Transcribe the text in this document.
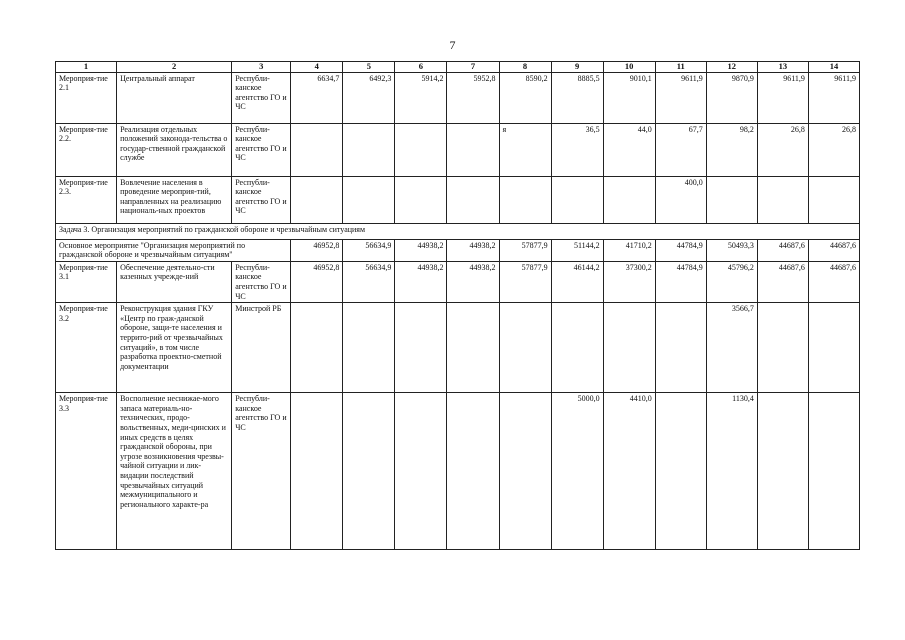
7
1	2	3	4	5	6	7	8	9	10	11	12	13	14
Мероприя-тие 2.1	Центральный аппарат	Республи-канское агентство ГО и ЧС	6634,7	6492,3	5914,2	5952,8	8590,2	8885,5	9010,1	9611,9	9870,9	9611,9	9611,9
Мероприя-тие 2.2.	Реализация отдельных положений законода-тельства о государ-ственной гражданской службе	Республи-канское агентство ГО и ЧС					я	36,5	44,0	67,7	98,2	26,8	26,8
Мероприя-тие 2.3.	Вовлечение населения в проведение мероприя-тий, направленных на реализацию националь-ных проектов	Республи-канское агентство ГО и ЧС								400,0			
Задача 3. Организация мероприятий по гражданской обороне и чрезвычайным ситуациям													
Основное мероприятие "Организация мероприятий по гражданской обороне и чрезвычайным ситуациям"			46952,8	56634,9	44938,2	44938,2	57877,9	51144,2	41710,2	44784,9	50493,3	44687,6	44687,6
Мероприя-тие 3.1	Обеспечение деятельно-сти казенных учрежде-ний	Республи-канское агентство ГО и ЧС	46952,8	56634,9	44938,2	44938,2	57877,9	46144,2	37300,2	44784,9	45796,2	44687,6	44687,6
Мероприя-тие 3.2	Реконструкция здания ГКУ «Центр по граж-данской обороне, защи-те населения и террито-рий от чрезвычайных ситуаций», в том числе разработка проектно-сметной документации	Минстрой РБ									3566,7		
Мероприя-тие 3.3	Восполнение неснижае-мого запаса материаль-но-технических, продо-вольственных, меди-цинских и иных средств в целях гражданской обороны, при угрозе возникновения чрезвы-чайной ситуации и лик-видации последствий чрезвычайных ситуаций межмуниципального и регионального характе-ра	Республи-канское агентство ГО и ЧС						5000,0	4410,0		1130,4		
